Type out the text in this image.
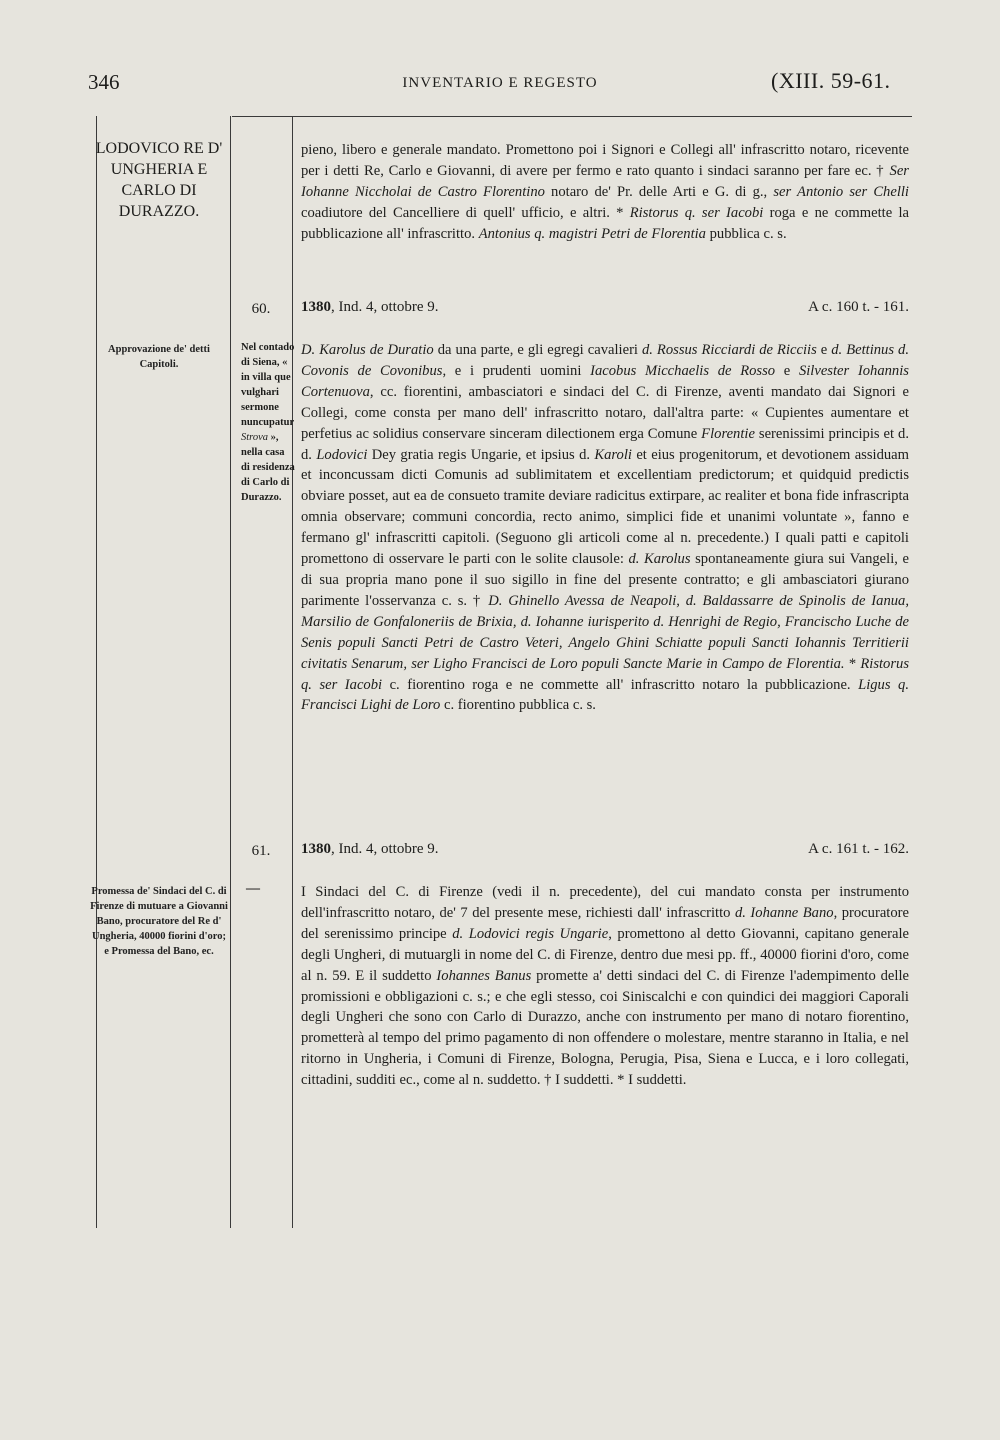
346	INVENTARIO E REGESTO	(XIII. 59-61.
LODOVICO RE D' UNGHERIA E CARLO DI DURAZZO.
Approvazione de' detti Capitoli.
Promessa de' Sindaci del C. di Firenze di mutuare a Giovanni Bano, procuratore del Re d' Ungheria, 40000 fiorini d'oro; e Promessa del Bano, ec.
60.
Nel contado di Siena, « in villa que vulghari sermone nuncupatur Strova », nella casa di residenza di Carlo di Durazzo.
61.
—

pieno, libero e generale mandato. Promettono poi i Signori e Collegi all' infrascritto notaro, ricevente per i detti Re, Carlo e Giovanni, di avere per fermo e rato quanto i sindaci saranno per fare ec. † Ser Iohanne Niccholai de Castro Florentino notaro de' Pr. delle Arti e G. di g., ser Antonio ser Chelli coadiutore del Cancelliere di quell' ufficio, e altri. * Ristorus q. ser Iacobi roga e ne commette la pubblicazione all' infrascritto. Antonius q. magistri Petri de Florentia pubblica c. s.

1380, Ind. 4, ottobre 9.	A c. 160 t. - 161.

D. Karolus de Duratio da una parte, e gli egregi cavalieri d. Rossus Ricciardi de Ricciis e d. Bettinus d. Covonis de Covonibus, e i prudenti uomini Iacobus Micchaelis de Rosso e Silvester Iohannis Cortenuova, cc. fiorentini, ambasciatori e sindaci del C. di Firenze, aventi mandato dai Signori e Collegi, come consta per mano dell' infrascritto notaro, dall'altra parte: « Cupientes aumentare et perfetius ac solidius conservare sinceram dilectionem erga Comune Florentie serenissimi principis et d. d. Lodovici Dey gratia regis Ungarie, et ipsius d. Karoli et eius progenitorum, et devotionem assiduam et inconcussam dicti Comunis ad sublimitatem et excellentiam predictorum; et quidquid predictis obviare posset, aut ea de consueto tramite deviare radicitus extirpare, ac realiter et bona fide infrascripta omnia observare; communi concordia, recto animo, simplici fide et unanimi voluntate », fanno e fermano gl' infrascritti capitoli. (Seguono gli articoli come al n. precedente.) I quali patti e capitoli promettono di osservare le parti con le solite clausole: d. Karolus spontaneamente giura sui Vangeli, e di sua propria mano pone il suo sigillo in fine del presente contratto; e gli ambasciatori giurano parimente l'osservanza c. s. † D. Ghinello Avessa de Neapoli, d. Baldassarre de Spinolis de Ianua, Marsilio de Gonfaloneriis de Brixia, d. Iohanne iurisperito d. Henrighi de Regio, Francischo Luche de Senis populi Sancti Petri de Castro Veteri, Angelo Ghini Schiatte populi Sancti Iohannis Territierii civitatis Senarum, ser Ligho Francisci de Loro populi Sancte Marie in Campo de Florentia. * Ristorus q. ser Iacobi c. fiorentino roga e ne commette all' infrascritto notaro la pubblicazione. Ligus q. Francisci Lighi de Loro c. fiorentino pubblica c. s.

1380, Ind. 4, ottobre 9.	A c. 161 t. - 162.

I Sindaci del C. di Firenze (vedi il n. precedente), del cui mandato consta per instrumento dell'infrascritto notaro, de' 7 del presente mese, richiesti dall' infrascritto d. Iohanne Bano, procuratore del serenissimo principe d. Lodovici regis Ungarie, promettono al detto Giovanni, capitano generale degli Ungheri, di mutuargli in nome del C. di Firenze, dentro due mesi pp. ff., 40000 fiorini d'oro, come al n. 59. E il suddetto Iohannes Banus promette a' detti sindaci del C. di Firenze l'adempimento delle promissioni e obbligazioni c. s.; e che egli stesso, coi Siniscalchi e con quindici dei maggiori Caporali degli Ungheri che sono con Carlo di Durazzo, anche con instrumento per mano di notaro fiorentino, prometterà al tempo del primo pagamento di non offendere o molestare, mentre staranno in Italia, e nel ritorno in Ungheria, i Comuni di Firenze, Bologna, Perugia, Pisa, Siena e Lucca, e i loro collegati, cittadini, sudditi ec., come al n. suddetto. † I suddetti. * I suddetti.
